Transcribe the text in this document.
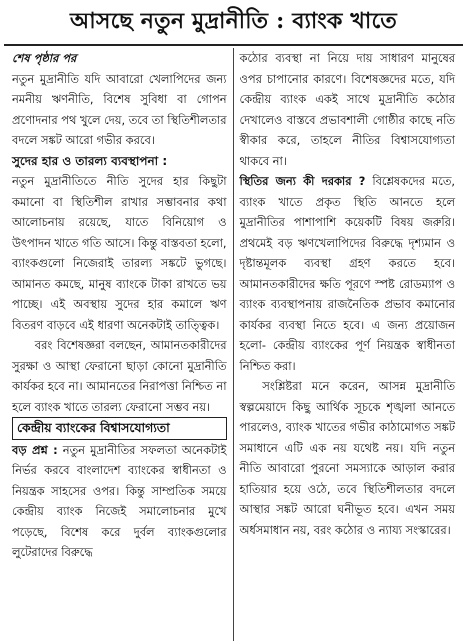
আসছে নতুন মুদ্রানীতি : ব্যাংক খাতে

শেষ পৃষ্ঠার পর

নতুন মুদ্রানীতি যদি আবারো খেলাপিদের জন্য নমনীয় ঋণনীতি, বিশেষ সুবিধা বা গোপন প্রণোদনার পথ খুলে দেয়, তবে তা স্থিতিশীলতার বদলে সঙ্কট আরো গভীর করবে।

সুদের হার ও তারল্য ব্যবস্থাপনা :

নতুন মুদ্রানীতিতে নীতি সুদের হার কিছুটা কমানো বা স্থিতিশীল রাখার সম্ভাবনার কথা আলোচনায় রয়েছে, যাতে বিনিয়োগ ও উৎপাদন খাতে গতি আসে। কিন্তু বাস্তবতা হলো, ব্যাংকগুলো নিজেরাই তারল্য সঙ্কটে ভুগছে। আমানত কমছে, মানুষ ব্যাংকে টাকা রাখতে ভয় পাচ্ছে। এই অবস্থায় সুদের হার কমালে ঋণ বিতরণ বাড়বে এই ধারণা অনেকটাই তাত্ত্বিক।

বরং বিশেষজ্ঞরা বলছেন, আমানতকারীদের সুরক্ষা ও আস্থা ফেরানো ছাড়া কোনো মুদ্রানীতি কার্যকর হবে না। আমানতের নিরাপত্তা নিশ্চিত না হলে ব্যাংক খাতে তারল্য ফেরানো সম্ভব নয়।

কেন্দ্রীয় ব্যাংকের বিশ্বাসযোগ্যতা

বড় প্রশ্ন : নতুন মুদ্রানীতির সফলতা অনেকটাই নির্ভর করবে বাংলাদেশ ব্যাংকের স্বাধীনতা ও নিয়ন্ত্রক সাহসের ওপর। কিন্তু সাম্প্রতিক সময়ে কেন্দ্রীয় ব্যাংক নিজেই সমালোচনার মুখে পড়েছে, বিশেষ করে দুর্বল ব্যাংকগুলোর লুটেরাদের বিরুদ্ধে

কঠোর ব্যবস্থা না নিয়ে দায় সাধারণ মানুষের ওপর চাপানোর কারণে। বিশেষজ্ঞদের মতে, যদি কেন্দ্রীয় ব্যাংক একই সাথে মুদ্রানীতি কঠোর দেখালেও বাস্তবে প্রভাবশালী গোষ্ঠীর কাছে নতি স্বীকার করে, তাহলে নীতির বিশ্বাসযোগ্যতা থাকবে না।

স্থিতির জন্য কী দরকার ? বিশ্লেষকদের মতে, ব্যাংক খাতে প্রকৃত স্থিতি আনতে হলে মুদ্রানীতির পাশাপাশি কয়েকটি বিষয় জরুরি। প্রথমেই বড় ঋণখেলাপিদের বিরুদ্ধে দৃশ্যমান ও দৃষ্টান্তমূলক ব্যবস্থা গ্রহণ করতে হবে। আমানতকারীদের ক্ষতি পূরণে স্পষ্ট রোডম্যাপ ও ব্যাংক ব্যবস্থাপনায় রাজনৈতিক প্রভাব কমানোর কার্যকর ব্যবস্থা নিতে হবে। এ জন্য প্রয়োজন হলো- কেন্দ্রীয় ব্যাংকের পূর্ণ নিয়ন্ত্রক স্বাধীনতা নিশ্চিত করা।

সংশ্লিষ্টরা মনে করেন, আসন্ন মুদ্রানীতি স্বল্পমেয়াদে কিছু আর্থিক সূচকে শৃঙ্খলা আনতে পারলেও, ব্যাংক খাতের গভীর কাঠামোগত সঙ্কট সমাধানে এটি এক নয় যথেষ্ট নয়। যদি নতুন নীতি আবারো পুরনো সমস্যাকে আড়াল করার হাতিয়ার হয়ে ওঠে, তবে স্থিতিশীলতার বদলে আস্থার সঙ্কট আরো ঘনীভূত হবে। এখন সময় অর্ধসমাধান নয়, বরং কঠোর ও ন্যায্য সংস্কারের।
